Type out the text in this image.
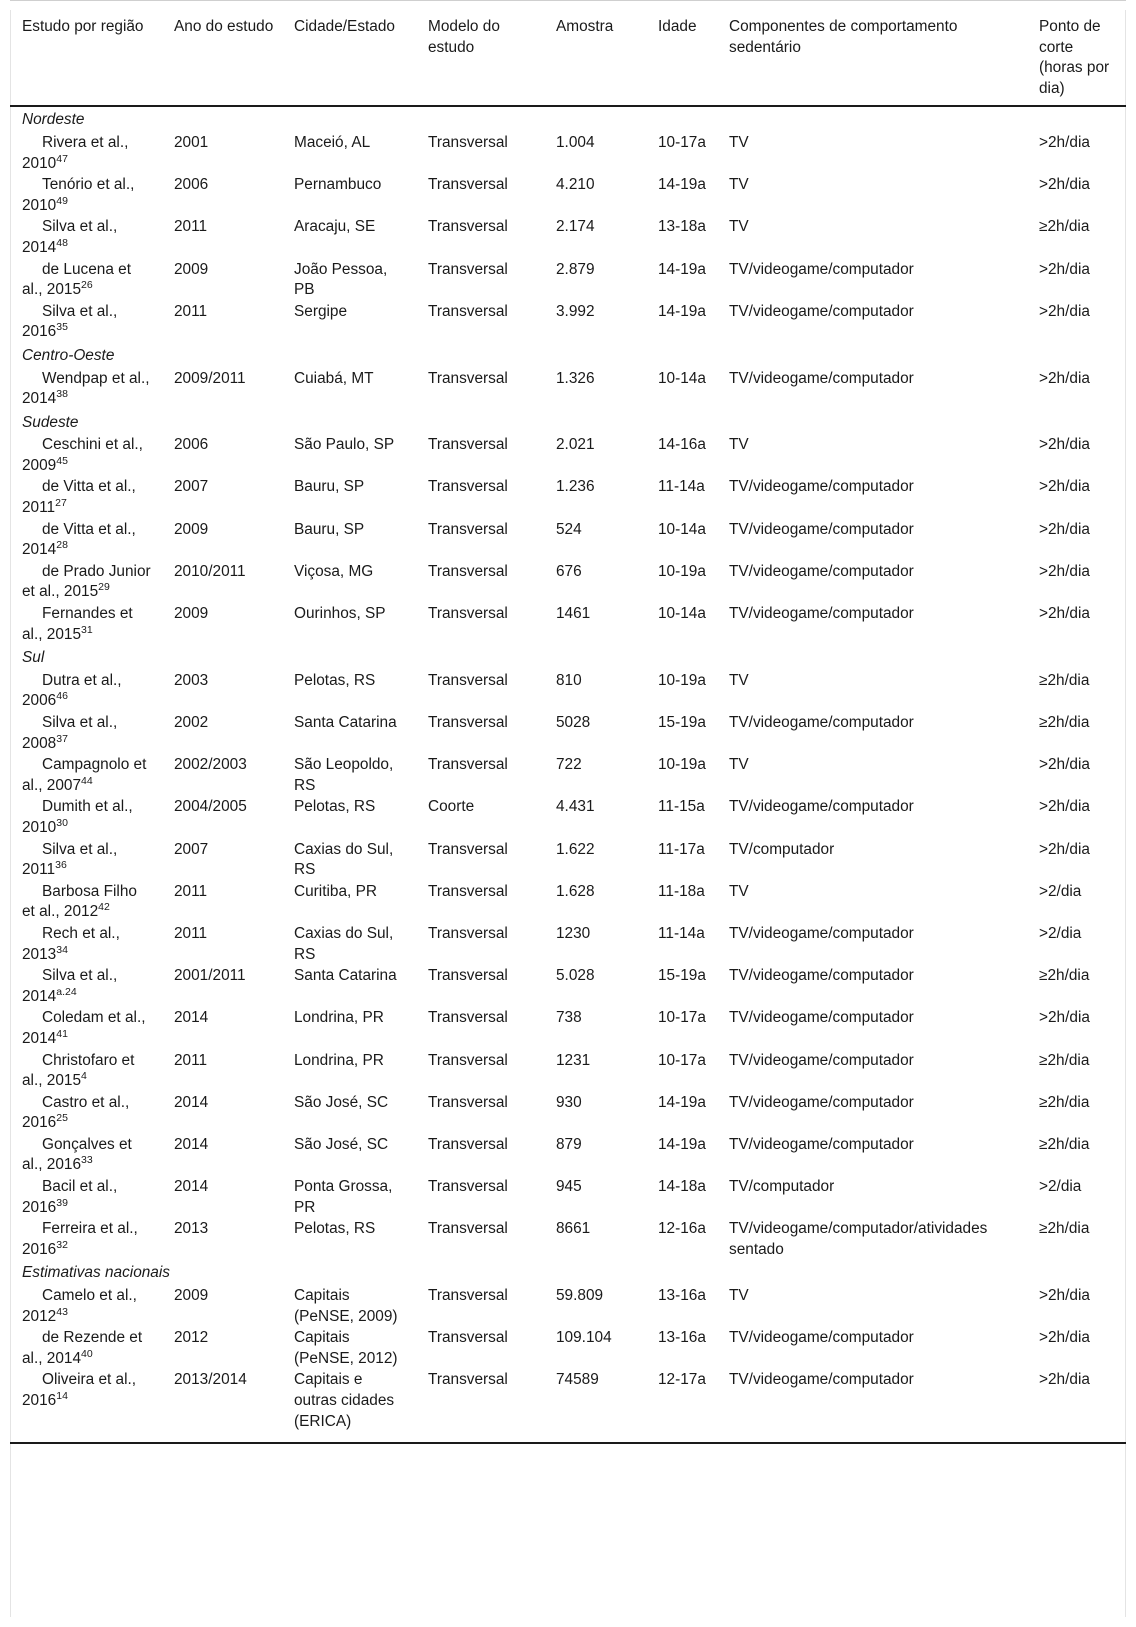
Estudo por região	Ano do estudo	Cidade/Estado	Modelo do estudo	Amostra	Idade	Componentes de comportamento sedentário	Ponto de corte (horas por dia)
Nordeste							
Rivera et al., 2010$^{47}$	2001	Maceió, AL	Transversal	1.004	10-17a	TV	>2h/dia
Tenório et al., 2010$^{49}$	2006	Pernambuco	Transversal	4.210	14-19a	TV	>2h/dia
Silva et al., 2014$^{48}$	2011	Aracaju, SE	Transversal	2.174	13-18a	TV	≥2h/dia
de Lucena et al., 2015$^{26}$	2009	João Pessoa, PB	Transversal	2.879	14-19a	TV/videogame/computador	>2h/dia
Silva et al., 2016$^{35}$	2011	Sergipe	Transversal	3.992	14-19a	TV/videogame/computador	>2h/dia
Centro-Oeste							
Wendpap et al., 2014$^{38}$	2009/2011	Cuiabá, MT	Transversal	1.326	10-14a	TV/videogame/computador	>2h/dia
Sudeste							
Ceschini et al., 2009$^{45}$	2006	São Paulo, SP	Transversal	2.021	14-16a	TV	>2h/dia
de Vitta et al., 2011$^{27}$	2007	Bauru, SP	Transversal	1.236	11-14a	TV/videogame/computador	>2h/dia
de Vitta et al., 2014$^{28}$	2009	Bauru, SP	Transversal	524	10-14a	TV/videogame/computador	>2h/dia
de Prado Junior et al., 2015$^{29}$	2010/2011	Viçosa, MG	Transversal	676	10-19a	TV/videogame/computador	>2h/dia
Fernandes et al., 2015$^{31}$	2009	Ourinhos, SP	Transversal	1461	10-14a	TV/videogame/computador	>2h/dia
Sul							
Dutra et al., 2006$^{46}$	2003	Pelotas, RS	Transversal	810	10-19a	TV	≥2h/dia
Silva et al., 2008$^{37}$	2002	Santa Catarina	Transversal	5028	15-19a	TV/videogame/computador	≥2h/dia
Campagnolo et al., 2007$^{44}$	2002/2003	São Leopoldo, RS	Transversal	722	10-19a	TV	>2h/dia
Dumith et al., 2010$^{30}$	2004/2005	Pelotas, RS	Coorte	4.431	11-15a	TV/videogame/computador	>2h/dia
Silva et al., 2011$^{36}$	2007	Caxias do Sul, RS	Transversal	1.622	11-17a	TV/computador	>2h/dia
Barbosa Filho et al., 2012$^{42}$	2011	Curitiba, PR	Transversal	1.628	11-18a	TV	>2/dia
Rech et al., 2013$^{34}$	2011	Caxias do Sul, RS	Transversal	1230	11-14a	TV/videogame/computador	>2/dia
Silva et al., $2014^{a.24}$	2001/2011	Santa Catarina	Transversal	5.028	15-19a	TV/videogame/computador	≥2h/dia
Coledam et al., 2014$^{41}$	2014	Londrina, PR	Transversal	738	10-17a	TV/videogame/computador	>2h/dia
Christofaro et al., 2015$^4$	2011	Londrina, PR	Transversal	1231	10-17a	TV/videogame/computador	≥2h/dia
Castro et al., 2016$^{25}$	2014	São José, SC	Transversal	930	14-19a	TV/videogame/computador	≥2h/dia
Gonçalves et al., 2016$^{33}$	2014	São José, SC	Transversal	879	14-19a	TV/videogame/computador	≥2h/dia
Bacil et al., 2016$^{39}$	2014	Ponta Grossa, PR	Transversal	945	14-18a	TV/computador	>2/dia
Ferreira et al., 2016$^{32}$	2013	Pelotas, RS	Transversal	8661	12-16a	TV/videogame/computador/atividades sentado	≥2h/dia
Estimativas nacionais							
Camelo et al., 2012$^{43}$	2009	Capitais (PeNSE, 2009)	Transversal	59.809	13-16a	TV	>2h/dia
de Rezende et al., 2014$^{40}$	2012	Capitais (PeNSE, 2012)	Transversal	109.104	13-16a	TV/videogame/computador	>2h/dia
Oliveira et al., 2016$^{14}$	2013/2014	Capitais e outras cidades (ERICA)	Transversal	74589	12-17a	TV/videogame/computador	>2h/dia
